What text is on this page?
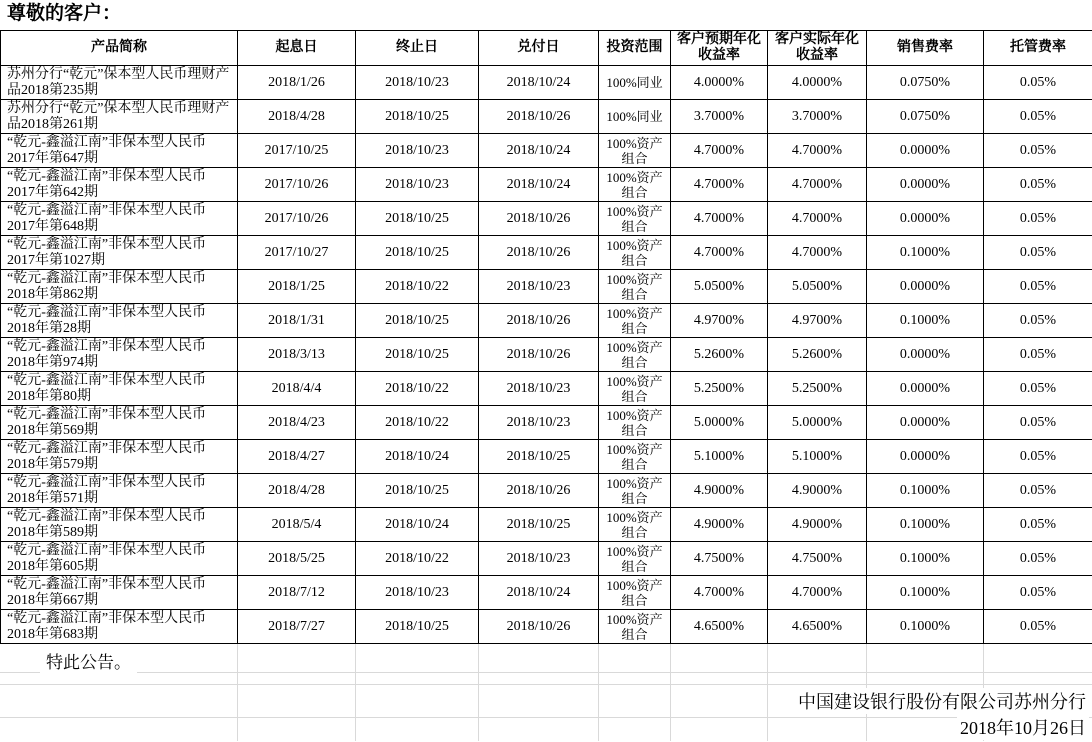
尊敬的客户：
产品简称	起息日	终止日	兑付日	投资范围	客户预期年化收益率	客户实际年化收益率	销售费率	托管费率
苏州分行“乾元”保本型人民币理财产品2018第235期	2018/1/26	2018/10/23	2018/10/24	100%同业	4.0000%	4.0000%	0.0750%	0.05%
苏州分行“乾元”保本型人民币理财产品2018第261期	2018/4/28	2018/10/25	2018/10/26	100%同业	3.7000%	3.7000%	0.0750%	0.05%
“乾元-鑫溢江南”非保本型人民币2017年第647期	2017/10/25	2018/10/23	2018/10/24	100%资产组合	4.7000%	4.7000%	0.0000%	0.05%
“乾元-鑫溢江南”非保本型人民币2017年第642期	2017/10/26	2018/10/23	2018/10/24	100%资产组合	4.7000%	4.7000%	0.0000%	0.05%
“乾元-鑫溢江南”非保本型人民币2017年第648期	2017/10/26	2018/10/25	2018/10/26	100%资产组合	4.7000%	4.7000%	0.0000%	0.05%
“乾元-鑫溢江南”非保本型人民币2017年第1027期	2017/10/27	2018/10/25	2018/10/26	100%资产组合	4.7000%	4.7000%	0.1000%	0.05%
“乾元-鑫溢江南”非保本型人民币2018年第862期	2018/1/25	2018/10/22	2018/10/23	100%资产组合	5.0500%	5.0500%	0.0000%	0.05%
“乾元-鑫溢江南”非保本型人民币2018年第28期	2018/1/31	2018/10/25	2018/10/26	100%资产组合	4.9700%	4.9700%	0.1000%	0.05%
“乾元-鑫溢江南”非保本型人民币2018年第974期	2018/3/13	2018/10/25	2018/10/26	100%资产组合	5.2600%	5.2600%	0.0000%	0.05%
“乾元-鑫溢江南”非保本型人民币2018年第80期	2018/4/4	2018/10/22	2018/10/23	100%资产组合	5.2500%	5.2500%	0.0000%	0.05%
“乾元-鑫溢江南”非保本型人民币2018年第569期	2018/4/23	2018/10/22	2018/10/23	100%资产组合	5.0000%	5.0000%	0.0000%	0.05%
“乾元-鑫溢江南”非保本型人民币2018年第579期	2018/4/27	2018/10/24	2018/10/25	100%资产组合	5.1000%	5.1000%	0.0000%	0.05%
“乾元-鑫溢江南”非保本型人民币2018年第571期	2018/4/28	2018/10/25	2018/10/26	100%资产组合	4.9000%	4.9000%	0.1000%	0.05%
“乾元-鑫溢江南”非保本型人民币2018年第589期	2018/5/4	2018/10/24	2018/10/25	100%资产组合	4.9000%	4.9000%	0.1000%	0.05%
“乾元-鑫溢江南”非保本型人民币2018年第605期	2018/5/25	2018/10/22	2018/10/23	100%资产组合	4.7500%	4.7500%	0.1000%	0.05%
“乾元-鑫溢江南”非保本型人民币2018年第667期	2018/7/12	2018/10/23	2018/10/24	100%资产组合	4.7000%	4.7000%	0.1000%	0.05%
“乾元-鑫溢江南”非保本型人民币2018年第683期	2018/7/27	2018/10/25	2018/10/26	100%资产组合	4.6500%	4.6500%	0.1000%	0.05%
特此公告。
中国建设银行股份有限公司苏州分行
2018年10月26日
